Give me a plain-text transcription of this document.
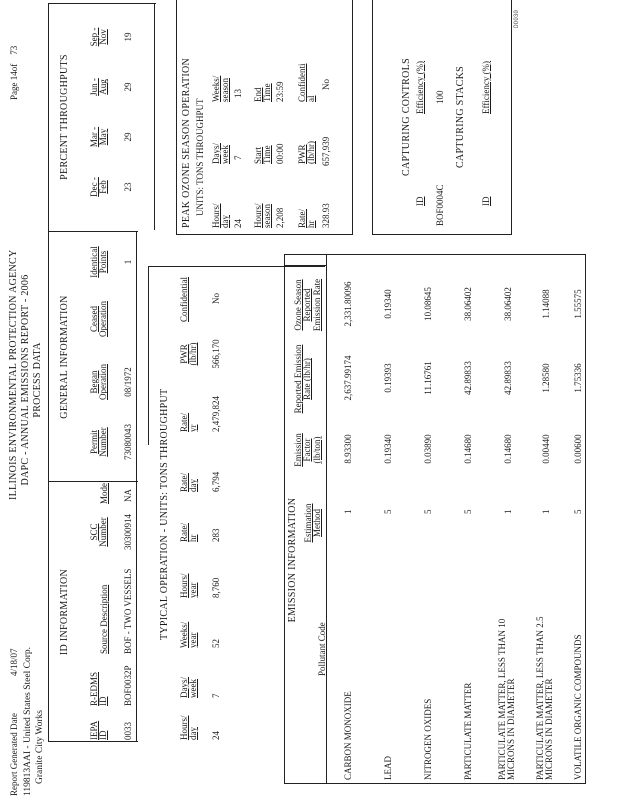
Report Generated Date
4/18/07
ILLINOIS ENVIRONMENTAL PROTECTION AGENCY DAPC - ANNUAL EMISSIONS REPORT - 2006 PROCESS DATA
119813AAI - United States Steel Corp. Granite City Works
Page 14of    73
DO030
ID INFORMATION
GENERAL INFORMATION
PERCENT THROUGHPUTS
IEPA ID
R-EDMS ID
Source Description
SCC Number
Mode
0033
BOF0032P
BOF - TWO VESSELS
30300914
NA
Permit Number
Began Operation
Ceased Operation
Identical Points
73080043
08/1972
1
Dec - Feb
Mar - May
Jun - Aug
Sep - Nov
23
29
29
19
TYPICAL OPERATION - UNITS: TONS THROUGHPUT
Hours/ day
Days/ week
Weeks/ year
Hours/ year
Rate/ hr
Rate/ day
Rate/ yr
PWR (lb/hr)
Confidential
24
7
52
8,760
283
6,794
2,479,824
566,170
No
PEAK OZONE SEASON OPERATION UNITS: TONS THROUGHPUT Hours/ day
Days/ week
Weeks/ season
24
7
13
Hours/ season
Start Time
End Time
2,208
00:00
23:59
Rate/ hr
PWR (lb/hr)
Confidential
328.93
657,939
No	CAPTURING CONTROLS
ID
Efficiency (%)
BOF0004C
100 CAPTURING STACKS
ID
Efficiency (%)
EMISSION INFORMATION
Pollutant Code
Estimation Method
Emission Factor (lb/ton)
Reported Emission Rate (lb/hr)
Ozone Season Reported Emission Rate
CARBON MONOXIDE
1
8.93300
2,637.99174
2,331.80096
LEAD
5
0.19340
0.19393
0.19340
NITROGEN OXIDES
5
0.03890
11.16761
10.08645
PARTICULATE MATTER
5
0.14680
42.89833
38.06402
PARTICULATE MATTER, LESS THAN 10 MICRONS IN DIAMETER
1
0.14680
42.89833
38.06402
PARTICULATE MATTER, LESS THAN 2.5 MICRONS IN DIAMETER
1
0.00440
1.28580
1.14088
VOLATILE ORGANIC COMPOUNDS
5
0.00600
1.75336
1.55575
